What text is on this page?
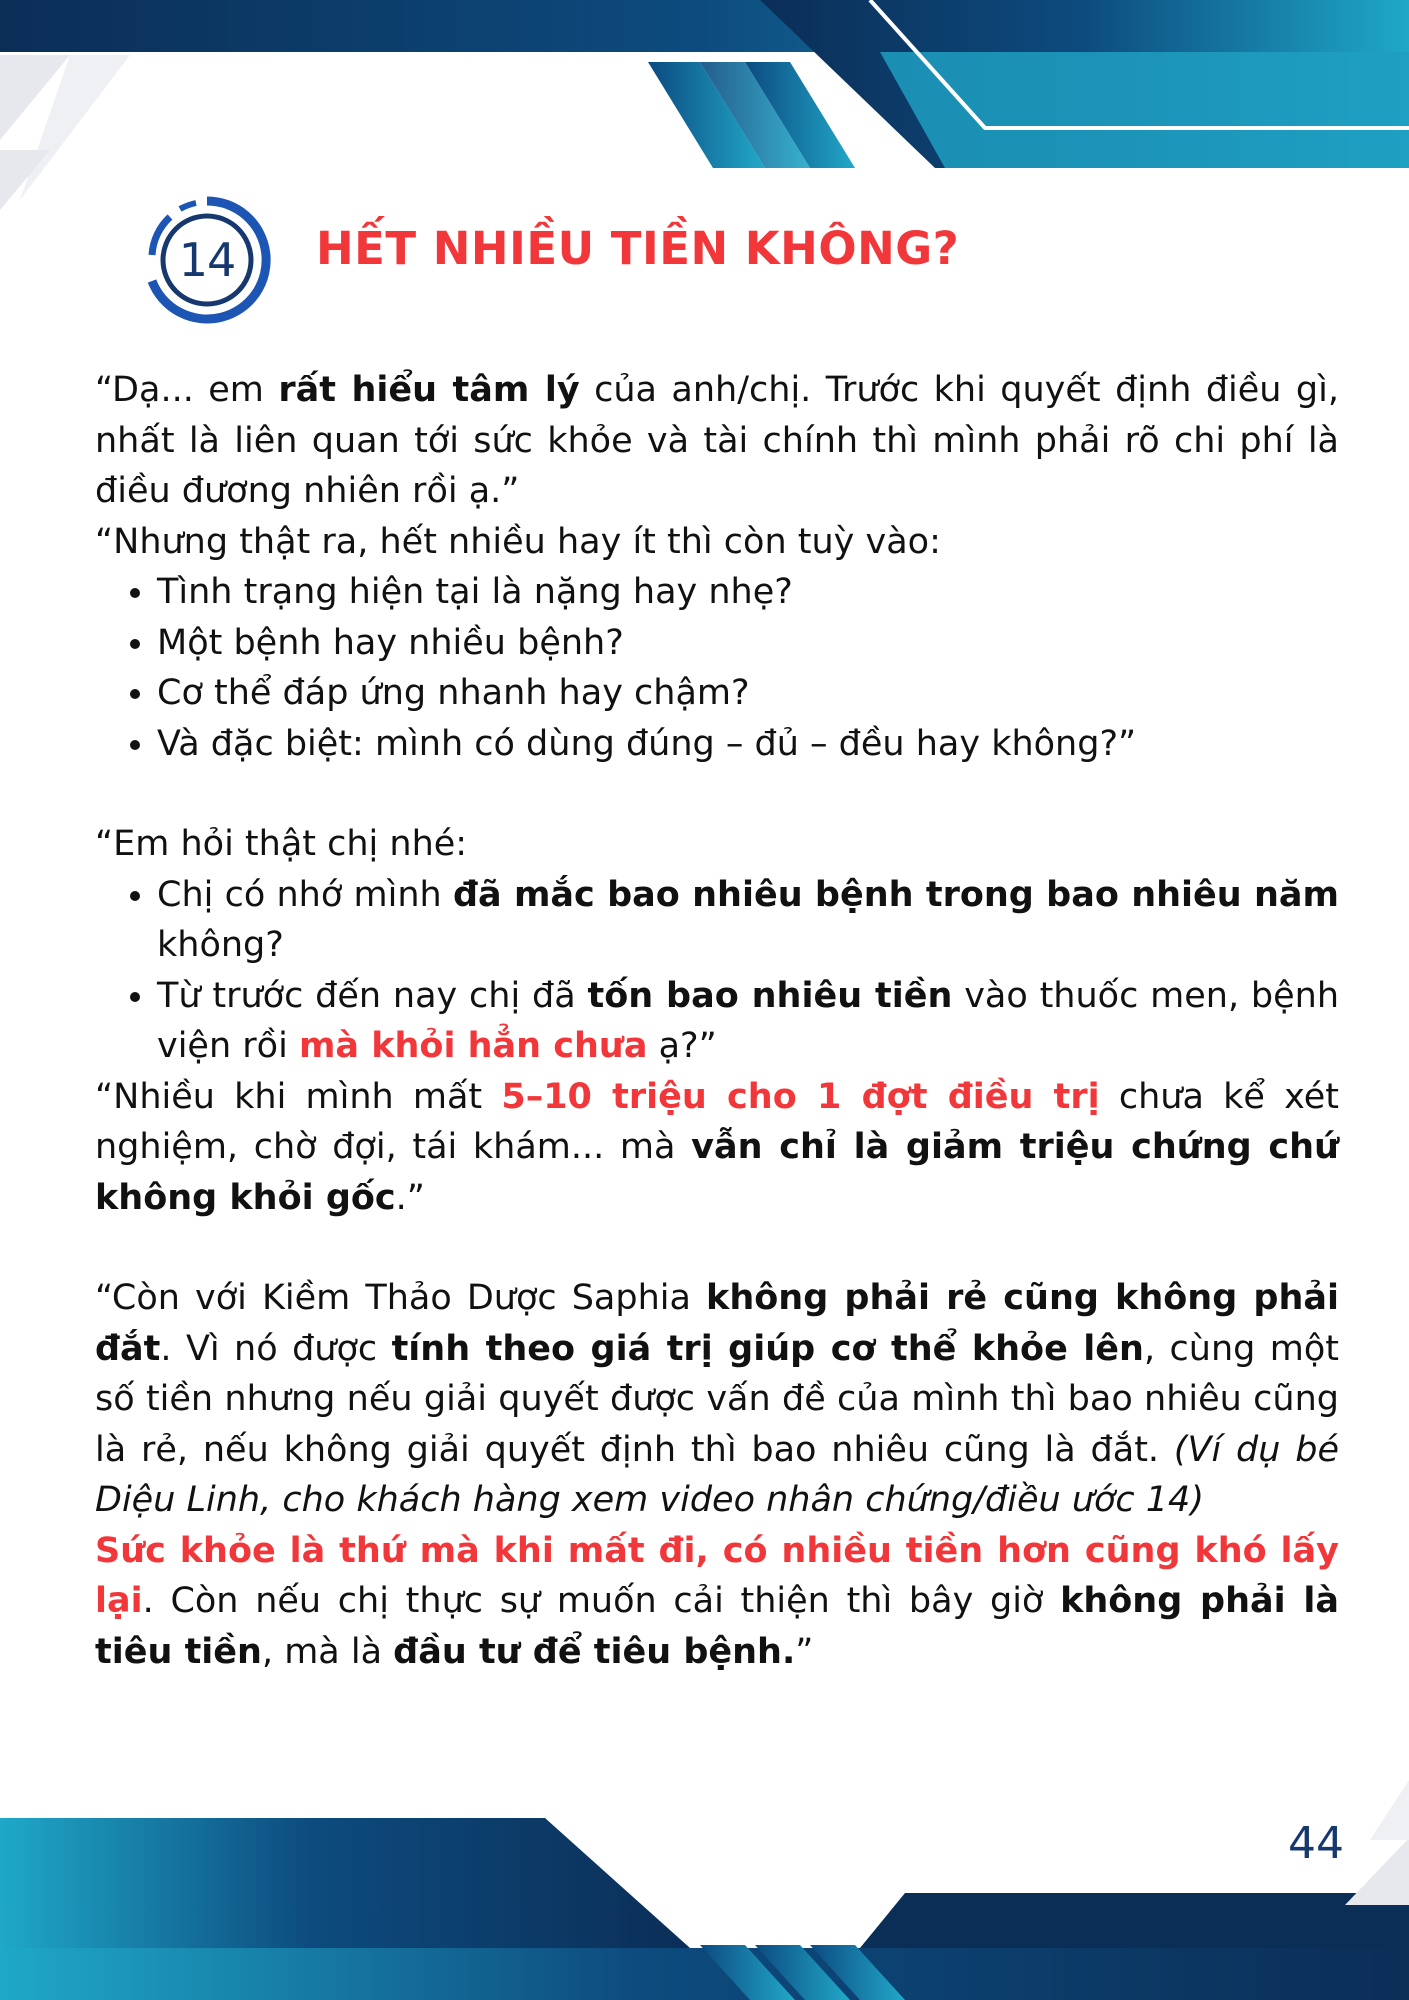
14	HẾT NHIỀU TIỀN KHÔNG?

“Dạ... em rất hiểu tâm lý của anh/chị. Trước khi quyết định điều gì, nhất là liên quan tới sức khỏe và tài chính thì mình phải rõ chi phí là điều đương nhiên rồi ạ.”

“Nhưng thật ra, hết nhiều hay ít thì còn tuỳ vào:

• Tình trạng hiện tại là nặng hay nhẹ?
• Một bệnh hay nhiều bệnh?
• Cơ thể đáp ứng nhanh hay chậm?
• Và đặc biệt: mình có dùng đúng – đủ – đều hay không?”

“Em hỏi thật chị nhé:

• Chị có nhớ mình đã mắc bao nhiêu bệnh trong bao nhiêu năm không?
• Từ trước đến nay chị đã tốn bao nhiêu tiền vào thuốc men, bệnh viện rồi mà khỏi hẳn chưa ạ?”

“Nhiều khi mình mất 5–10 triệu cho 1 đợt điều trị chưa kể xét nghiệm, chờ đợi, tái khám... mà vẫn chỉ là giảm triệu chứng chứ không khỏi gốc.”

“Còn với Kiềm Thảo Dược Saphia không phải rẻ cũng không phải đắt. Vì nó được tính theo giá trị giúp cơ thể khỏe lên, cùng một số tiền nhưng nếu giải quyết được vấn đề của mình thì bao nhiêu cũng là rẻ, nếu không giải quyết định thì bao nhiêu cũng là đắt. (Ví dụ bé Diệu Linh, cho khách hàng xem video nhân chứng/điều ước 14)

Sức khỏe là thứ mà khi mất đi, có nhiều tiền hơn cũng khó lấy lại. Còn nếu chị thực sự muốn cải thiện thì bây giờ không phải là tiêu tiền, mà là đầu tư để tiêu bệnh.”

44
